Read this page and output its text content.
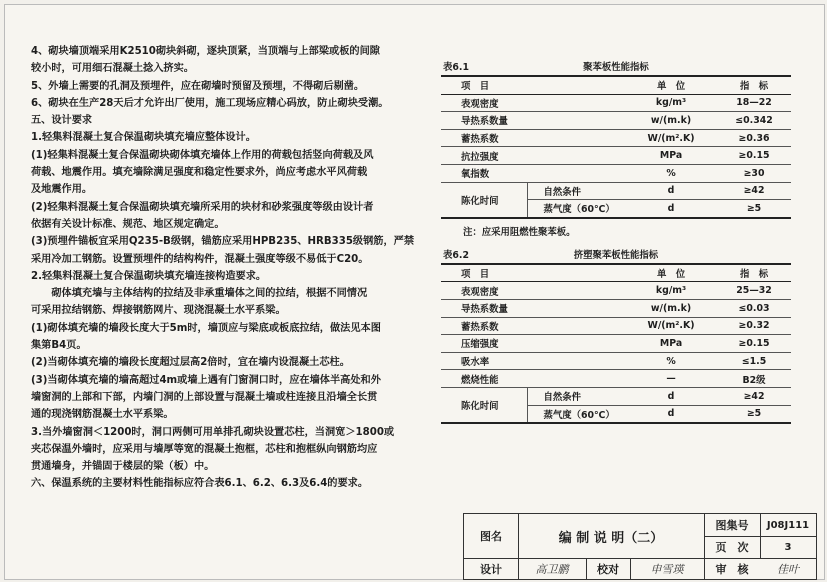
4、砌块墙顶端采用K2510砌块斜砌，逐块顶紧，当顶端与上部梁或板的间隙

较小时，可用细石混凝土捻入挤实。

5、外墙上需要的孔洞及预埋件，应在砌墙时预留及预埋，不得砌后剔凿。

6、砌块在生产28天后才允许出厂使用，施工现场应精心码放，防止砌块受潮。

五、设计要求

1.轻集料混凝土复合保温砌块填充墙应整体设计。

(1)轻集料混凝土复合保温砌块砌体填充墙体上作用的荷载包括竖向荷载及风

荷载、地震作用。填充墙除满足强度和稳定性要求外，尚应考虑水平风荷载

及地震作用。

(2)轻集料混凝土复合保温砌块填充墙所采用的块材和砂浆强度等级由设计者

依据有关设计标准、规范、地区规定确定。

(3)预埋件锚板宜采用Q235-B级钢，锚筋应采用HPB235、HRB335级钢筋，严禁

采用冷加工钢筋。设置预埋件的结构构件，混凝土强度等级不易低于C20。

2.轻集料混凝土复合保温砌块填充墙连接构造要求。

　　砌体填充墙与主体结构的拉结及非承重墙体之间的拉结，根据不同情况

可采用拉结钢筋、焊接钢筋网片、现浇混凝土水平系梁。

(1)砌体填充墙的墙段长度大于5m时，墙顶应与梁底或板底拉结，做法见本图

集第B4页。

(2)当砌体填充墙的墙段长度超过层高2倍时，宜在墙内设混凝土芯柱。

(3)当砌体填充墙的墙高超过4m或墙上遇有门窗洞口时，应在墙体半高处和外

墙窗洞的上部和下部，内墙门洞的上部设置与混凝土墙或柱连接且沿墙全长贯

通的现浇钢筋混凝土水平系梁。

3.当外墙窗洞＜1200时，洞口两侧可用单排孔砌块设置芯柱，当洞宽＞1800或

夹芯保温外墙时，应采用与墙厚等宽的混凝土抱框，芯柱和抱框纵向钢筋均应

贯通墙身，并锚固于楼层的梁（板）中。

六、保温系统的主要材料性能指标应符合表6.1、6.2、6.3及6.4的要求。

表6.1	聚苯板性能指标
项　目		单　位	指　标
表观密度		kg/m³	18—22
导热系数量		w/(m.k)	≤0.342
蓄热系数		W/(m².K)	≥0.36
抗拉强度		MPa	≥0.15
氧指数		%	≥30
陈化时间	自然条件	d	≥42
	蒸气度（60℃）	d	≥5
注：应采用阻燃性聚苯板。
表6.2	挤塑聚苯板性能指标
项　目		单　位	指　标
表观密度		kg/m³	25—32
导热系数量		w/(m.k)	≤0.03
蓄热系数		W/(m².K)	≥0.32
压缩强度		MPa	≥0.15
吸水率		%	≤1.5
燃烧性能		—	B2级
陈化时间	自然条件	d	≥42
	蒸气度（60℃）	d	≥5
图名	编 制 说 明（二）
图集号	J08J111
页　次	3
设计	高卫鹏	校对	申雪瑛	审　核	佳叶
